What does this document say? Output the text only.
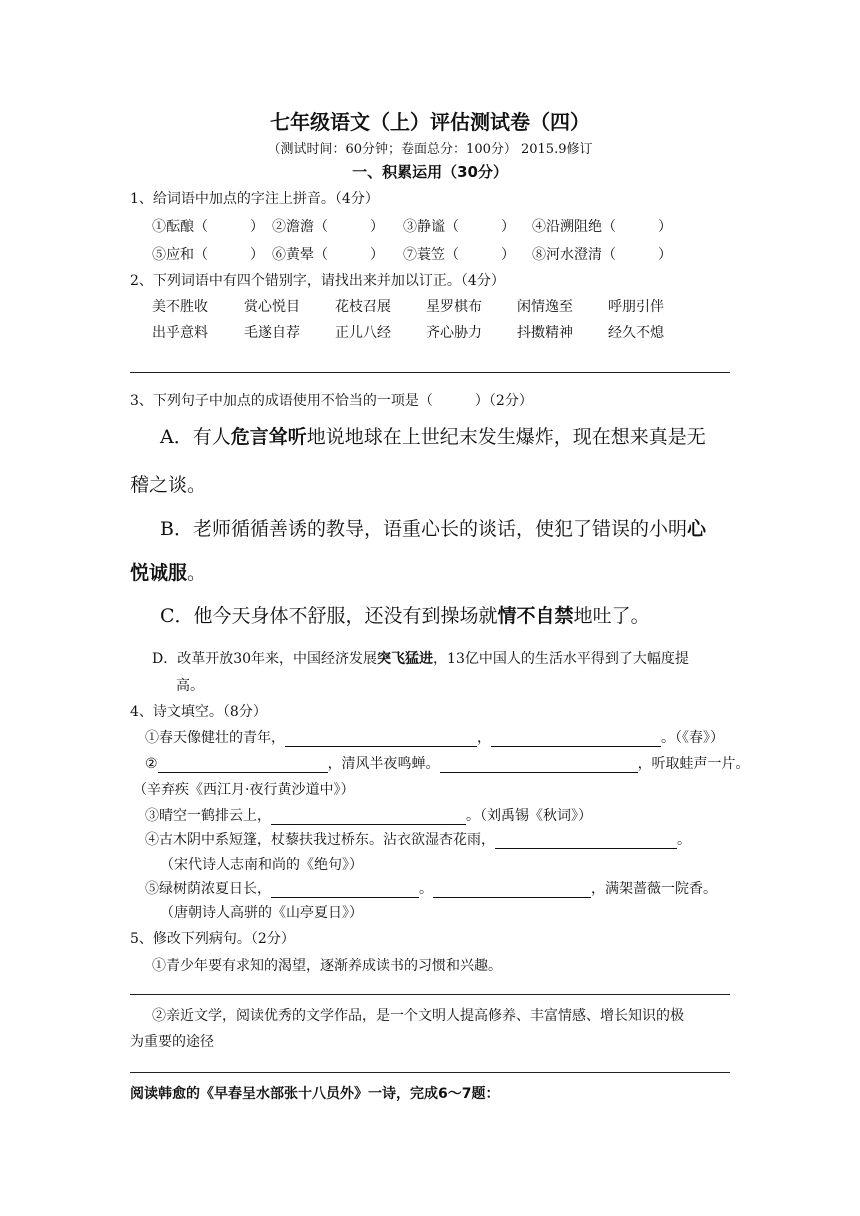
七年级语文（上）评估测试卷（四）
（测试时间：60分钟；卷面总分：100分） 2015.9修订
一、积累运用（30分）
1、给词语中加点的字注上拼音。（4分）
①酝酿（　　　） ②澹澹（　　　） ③静谧（　　　） ④沿溯阻绝（　　　）
⑤应和（　　　） ⑥黄晕（　　　） ⑦蓑笠（　　　） ⑧河水澄清（　　　）
2、下列词语中有四个错别字，请找出来并加以订正。（4分）
美不胜收	赏心悦目	花枝召展	星罗棋布	闲情逸至	呼朋引伴
出乎意料	毛遂自荐	正儿八经	齐心胁力	抖擞精神	经久不熄
3、下列句子中加点的成语使用不恰当的一项是（　　　）（2分）
A．有人危言耸听地说地球在上世纪末发生爆炸，现在想来真是无
稽之谈。
B．老师循循善诱的教导，语重心长的谈话，使犯了错误的小明心
悦诚服。
C．他今天身体不舒服，还没有到操场就情不自禁地吐了。
D．改革开放30年来，中国经济发展突飞猛进，13亿中国人的生活水平得到了大幅度提
高。
4、诗文填空。（8分）
①春天像健壮的青年，	，	。（《春》）
②	，清风半夜鸣蝉。	，听取蛙声一片。
（辛弃疾《西江月·夜行黄沙道中》）
③晴空一鹤排云上，	。（刘禹锡《秋词》）
④古木阴中系短篷，杖藜扶我过桥东。沾衣欲湿杏花雨，	。
（宋代诗人志南和尚的《绝句》）
⑤绿树荫浓夏日长，	。	，满架蔷薇一院香。
（唐朝诗人高骈的《山亭夏日》）
5、修改下列病句。（2分）
①青少年要有求知的渴望，逐渐养成读书的习惯和兴趣。
②亲近文学，阅读优秀的文学作品，是一个文明人提高修养、丰富情感、增长知识的极
为重要的途径
阅读韩愈的《早春呈水部张十八员外》一诗，完成6～7题：
